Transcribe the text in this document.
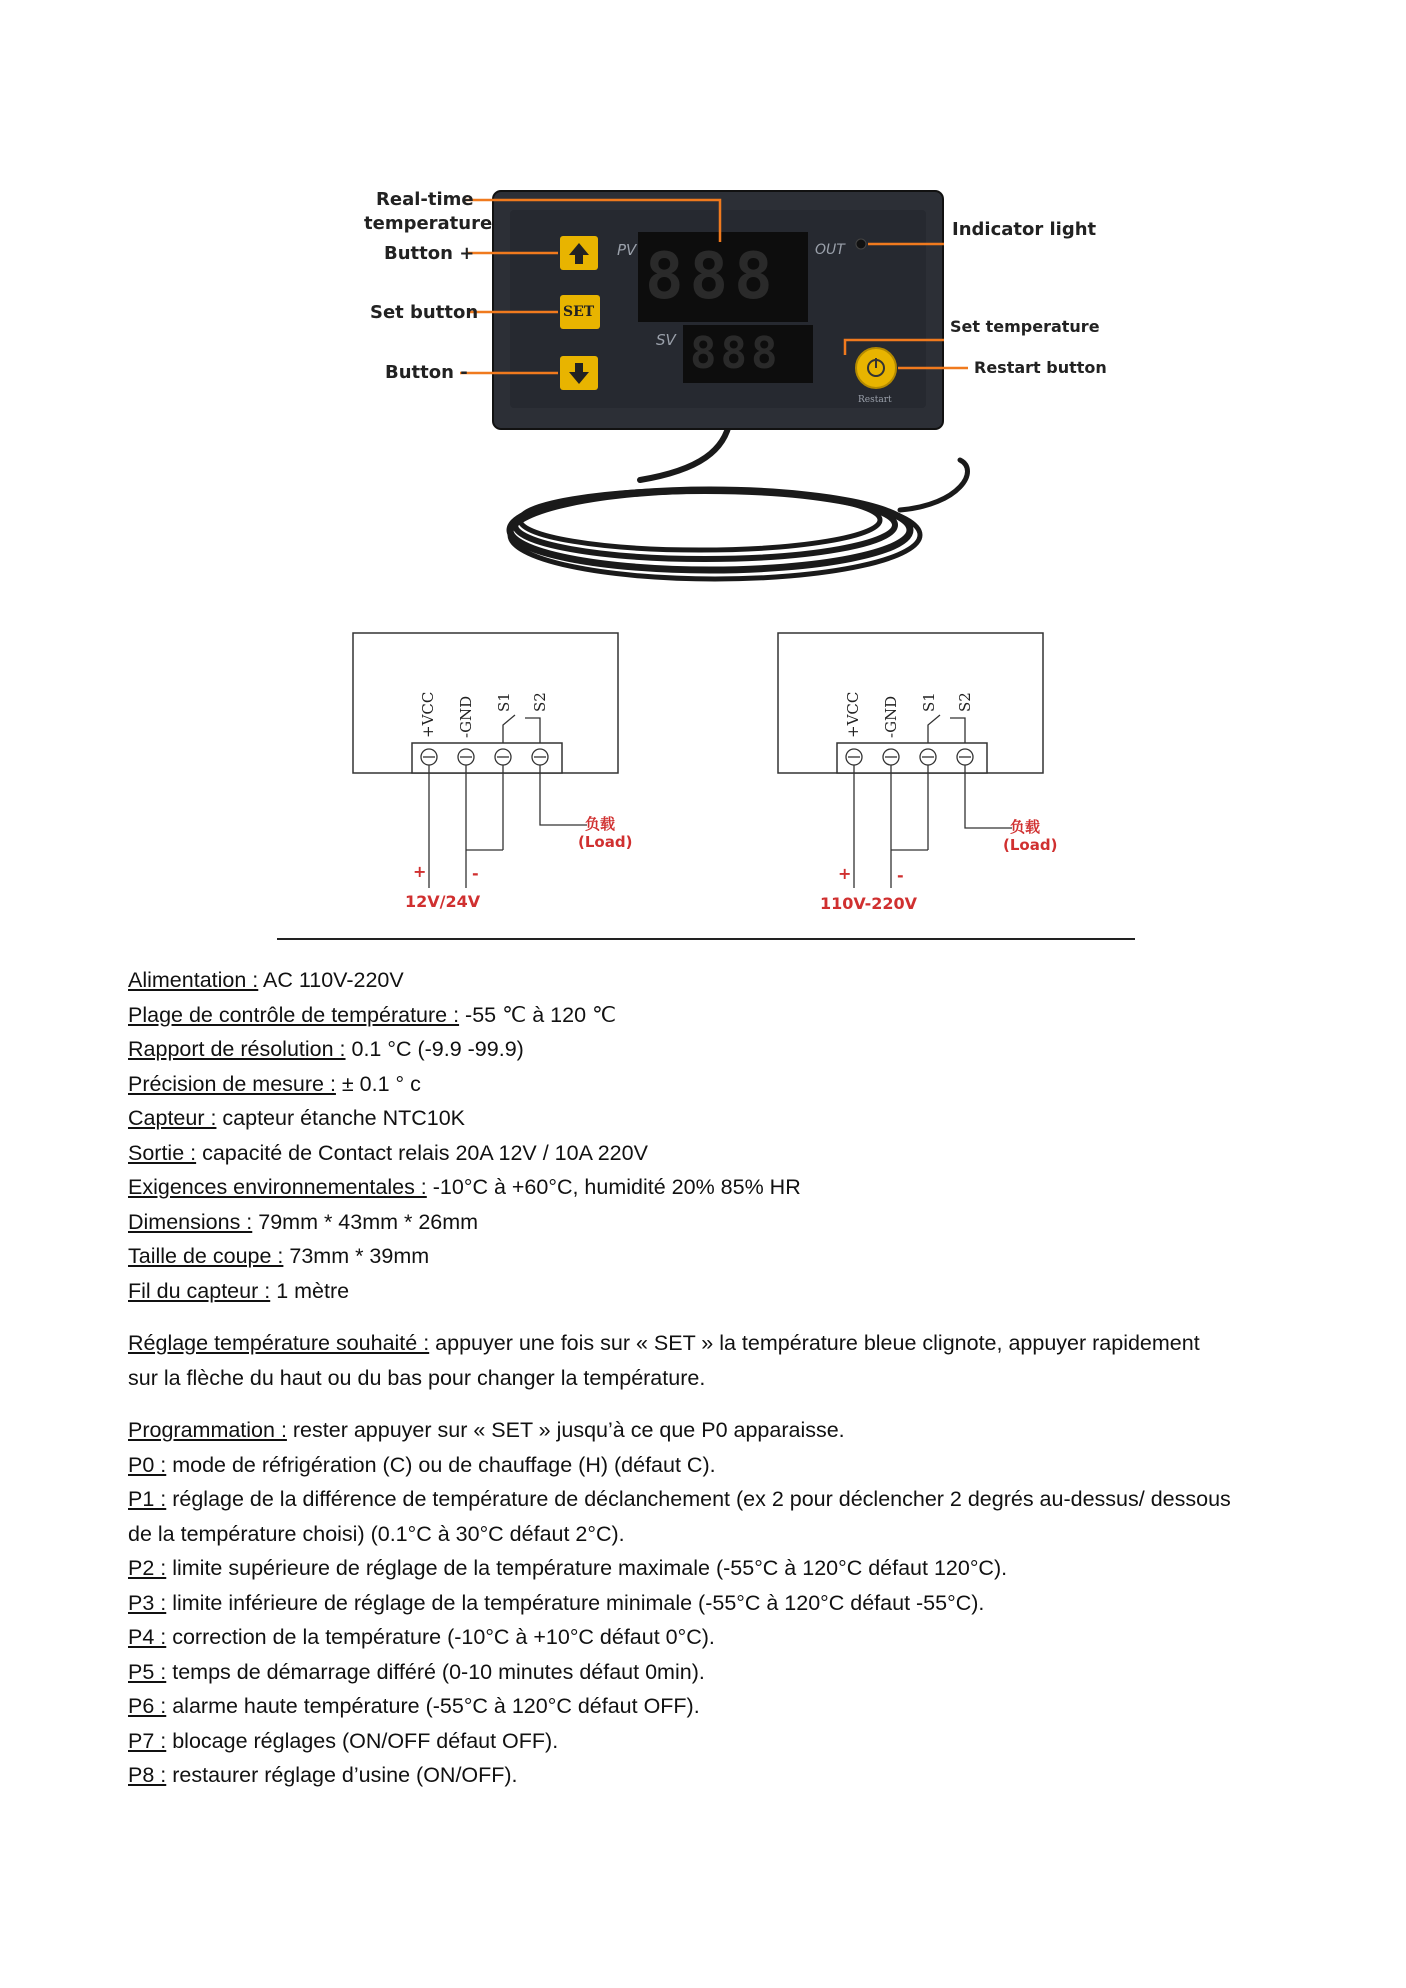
PV
SV
OUT
SET
Restart
888
888
Real-time
temperature
Button +
Set button
Button -
Indicator light
Set temperature
Restart button
+VCC -GND S1 S2
负载
(Load)
+	-
12V/24V
+VCC -GND S1 S2
负载
(Load)
+	-
110V-220V
Alimentation : AC 110V-220V
Plage de contrôle de température : -55 ℃ à 120 ℃
Rapport de résolution : 0.1 °C (-9.9 -99.9)
Précision de mesure : ± 0.1 ° c
Capteur : capteur étanche NTC10K
Sortie : capacité de Contact relais 20A 12V / 10A 220V
Exigences environnementales : -10°C à +60°C, humidité 20% 85% HR
Dimensions : 79mm * 43mm * 26mm
Taille de coupe : 73mm * 39mm
Fil du capteur : 1 mètre
Réglage température souhaité : appuyer une fois sur « SET » la température bleue clignote, appuyer rapidement sur la flèche du haut ou du bas pour changer la température.
Programmation : rester appuyer sur « SET » jusqu’à ce que P0 apparaisse.
P0 : mode de réfrigération (C) ou de chauffage (H) (défaut C).
P1 : réglage de la différence de température de déclanchement (ex 2 pour déclencher 2 degrés au-dessus/ dessous de la température choisi) (0.1°C à 30°C défaut 2°C).
P2 : limite supérieure de réglage de la température maximale (-55°C à 120°C défaut 120°C).
P3 : limite inférieure de réglage de la température minimale (-55°C à 120°C défaut -55°C).
P4 : correction de la température (-10°C à +10°C défaut 0°C).
P5 : temps de démarrage différé (0-10 minutes défaut 0min).
P6 : alarme haute température (-55°C à 120°C défaut OFF).
P7 : blocage réglages (ON/OFF défaut OFF).
P8 : restaurer réglage d’usine (ON/OFF).
